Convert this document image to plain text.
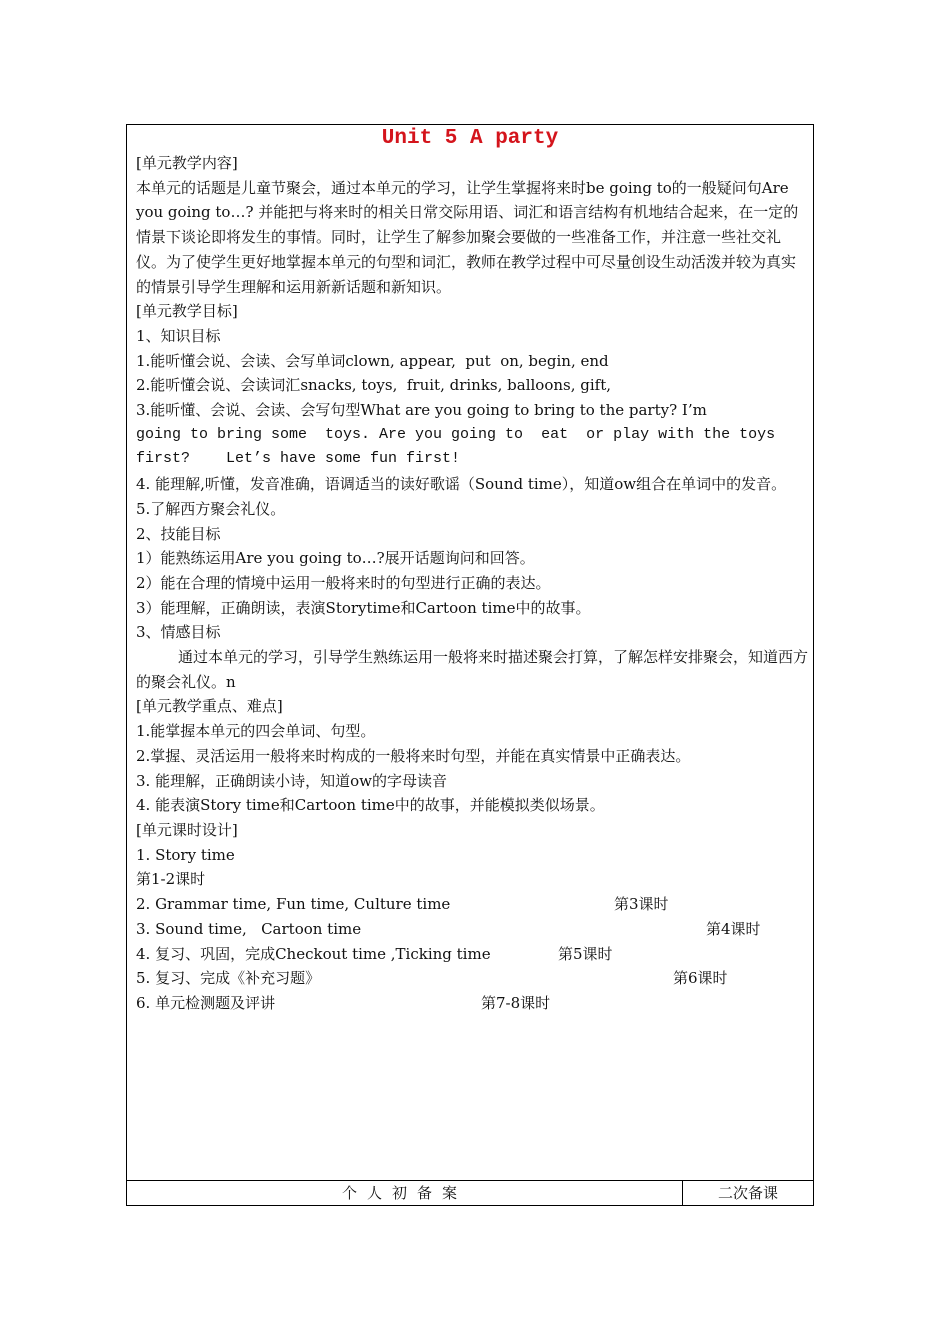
Unit 5 A party

[单元教学内容]

本单元的话题是儿童节聚会，通过本单元的学习，让学生掌握将来时be going to的一般疑问句Are you going to…? 并能把与将来时的相关日常交际用语、词汇和语言结构有机地结合起来，在一定的情景下谈论即将发生的事情。同时，让学生了解参加聚会要做的一些准备工作，并注意一些社交礼仪。为了使学生更好地掌握本单元的句型和词汇，教师在教学过程中可尽量创设生动活泼并较为真实的情景引导学生理解和运用新新话题和新知识。

[单元教学目标]

1、知识目标

1.能听懂会说、会读、会写单词clown, appear,  put  on, begin, end

2.能听懂会说、会读词汇snacks, toys,  fruit, drinks, balloons, gift,

3.能听懂、会说、会读、会写句型What are you going to bring to the party? I’m

going to bring some  toys. Are you going to  eat  or play with the toys

first?    Let’s have some fun first!

4. 能理解,听懂，发音准确，语调适当的读好歌谣（Sound time），知道ow组合在单词中的发音。

5.了解西方聚会礼仪。

2、技能目标

1）能熟练运用Are you going to…?展开话题询问和回答。

2）能在合理的情境中运用一般将来时的句型进行正确的表达。

3）能理解，正确朗读，表演Storytime和Cartoon time中的故事。

3、情感目标

通过本单元的学习，引导学生熟练运用一般将来时描述聚会打算，了解怎样安排聚会，知道西方的聚会礼仪。n

[单元教学重点、难点]

1.能掌握本单元的四会单词、句型。

2.掌握、灵活运用一般将来时构成的一般将来时句型，并能在真实情景中正确表达。

3. 能理解，正确朗读小诗，知道ow的字母读音

4. 能表演Story time和Cartoon time中的故事，并能模拟类似场景。

[单元课时设计]

1. Story time

第1-2课时

2. Grammar time, Fun time, Culture time	第3课时
3. Sound time,   Cartoon time	第4课时
4. 复习、巩固，完成Checkout time ,Ticking time	第5课时
5. 复习、完成《补充习题》	第6课时
6. 单元检测题及评讲	第7-8课时
个人初备案	二次备课
